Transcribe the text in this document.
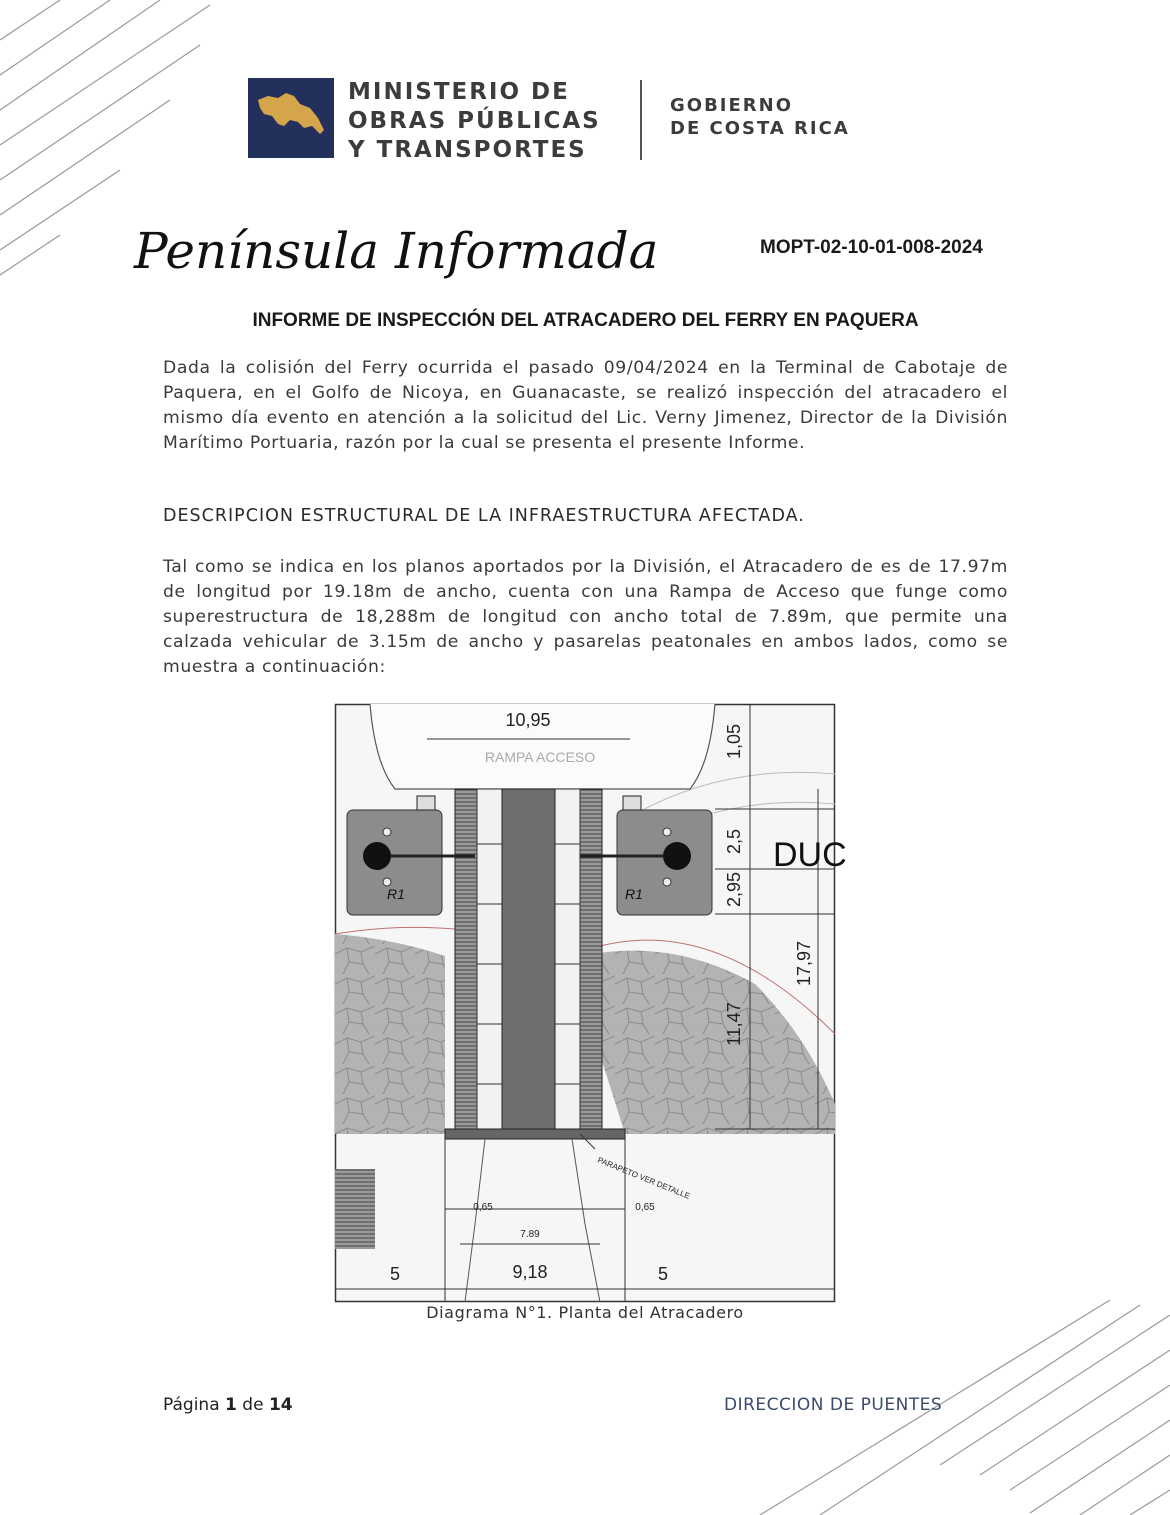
MINISTERIO DE
OBRAS PÚBLICAS
Y TRANSPORTES
GOBIERNO
DE COSTA RICA
Península Informada	MOPT-02-10-01-008-2024
INFORME DE INSPECCIÓN DEL ATRACADERO DEL FERRY EN PAQUERA
Dada la colisión del Ferry ocurrida el pasado 09/04/2024 en la Terminal de Cabotaje de Paquera, en el Golfo de Nicoya, en Guanacaste, se realizó inspección del atracadero el mismo día evento en atención a la solicitud del Lic. Verny Jimenez, Director de la División Marítimo Portuaria, razón por la cual se presenta el presente Informe.
DESCRIPCION ESTRUCTURAL DE LA INFRAESTRUCTURA AFECTADA.
Tal como se indica en los planos aportados por la División, el Atracadero de es de 17.97m de longitud por 19.18m de ancho, cuenta con una Rampa de Acceso que funge como superestructura de 18,288m de longitud con ancho total de 7.89m, que permite una calzada vehicular de 3.15m de ancho y pasarelas peatonales en ambos lados, como se muestra a continuación:
10,95
RAMPA ACCESO	1,05
2,5
2,95
11,47
17,97
DUC
R1	R1
PARAPETO VER DETALLE
0,65	0,65
7.89
5	9,18	5
Diagrama N°1. Planta del Atracadero
Página 1 de 14	DIRECCION DE PUENTES
